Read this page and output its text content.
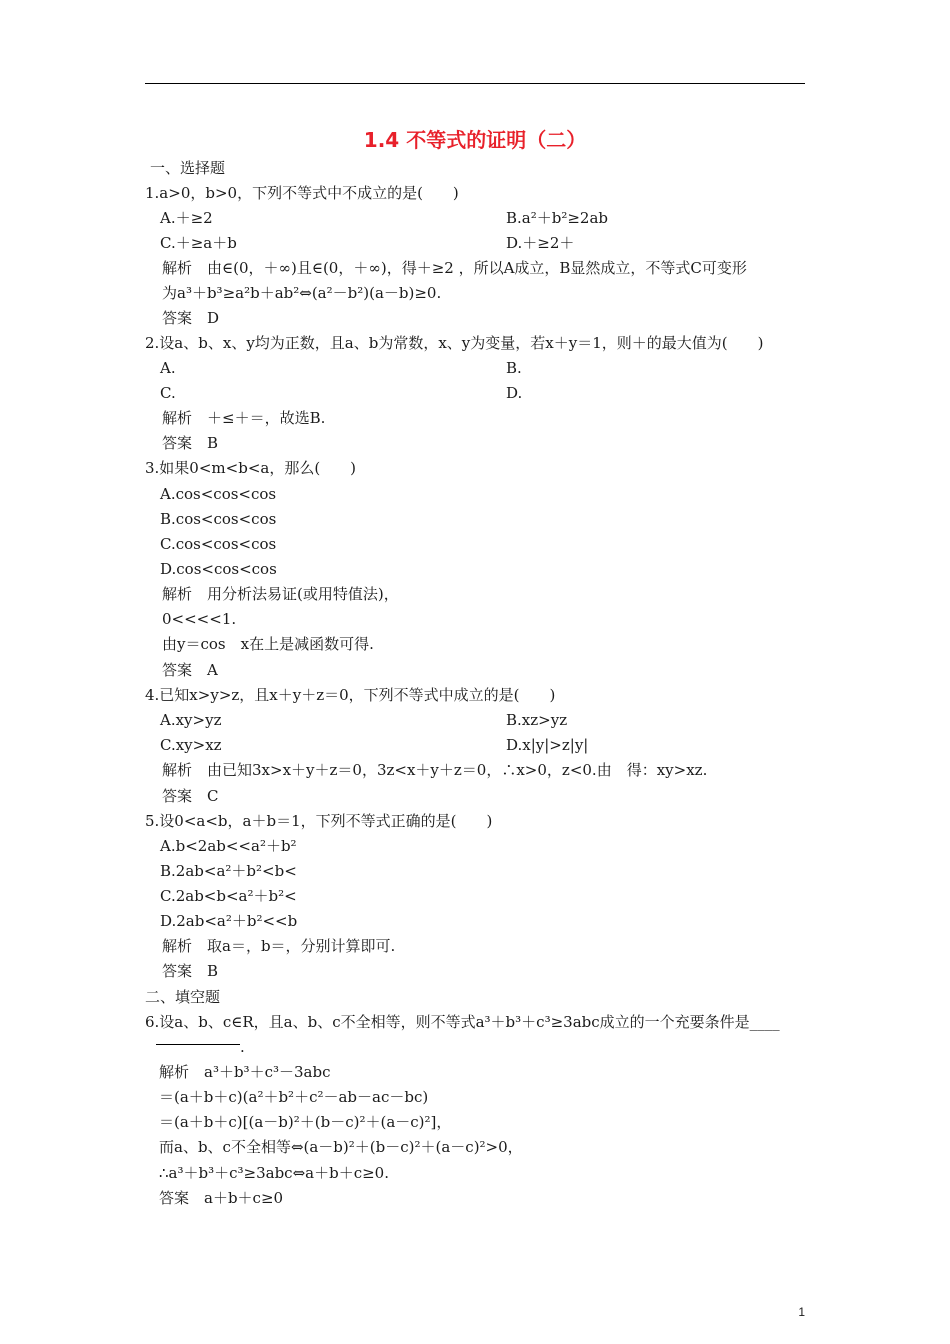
1.4 不等式的证明（二）
一、选择题
1.a>0，b>0，下列不等式中不成立的是(　　)
A.＋≥2	B.a²＋b²≥2ab
C.＋≥a＋b	D.＋≥2＋
解析　由∈(0，＋∞)且∈(0，＋∞)，得＋≥2 ，所以A成立，B显然成立，不等式C可变形
为a³＋b³≥a²b＋ab²⇔(a²－b²)(a－b)≥0.
答案　D
2.设a、b、x、y均为正数，且a、b为常数，x、y为变量，若x＋y＝1，则＋的最大值为(　　)
A.	B.
C.	D.
解析　＋≤＋＝，故选B.
答案　B
3.如果0<m<b<a，那么(　　)
A.cos<cos<cos
B.cos<cos<cos
C.cos<cos<cos
D.cos<cos<cos
解析　用分析法易证(或用特值法)，
0<<<<1.
由y＝cos　x在上是减函数可得.
答案　A
4.已知x>y>z，且x＋y＋z＝0，下列不等式中成立的是(　　)
A.xy>yz	B.xz>yz
C.xy>xz	D.x|y|>z|y|
解析　由已知3x>x＋y＋z＝0，3z<x＋y＋z＝0，∴x>0，z<0.由　得：xy>xz.
答案　C
5.设0<a<b，a＋b＝1，下列不等式正确的是(　　)
A.b<2ab<<a²＋b²
B.2ab<a²＋b²<b<
C.2ab<b<a²＋b²<
D.2ab<a²＋b²<<b
解析　取a＝，b＝，分别计算即可.
答案　B
二、填空题
6.设a、b、c∈R，且a、b、c不全相等，则不等式a³＋b³＋c³≥3abc成立的一个充要条件是____
.
解析　a³＋b³＋c³－3abc
＝(a＋b＋c)(a²＋b²＋c²－ab－ac－bc)
＝(a＋b＋c)[(a－b)²＋(b－c)²＋(a－c)²]，
而a、b、c不全相等⇔(a－b)²＋(b－c)²＋(a－c)²>0，
∴a³＋b³＋c³≥3abc⇔a＋b＋c≥0.
答案　a＋b＋c≥0
1
